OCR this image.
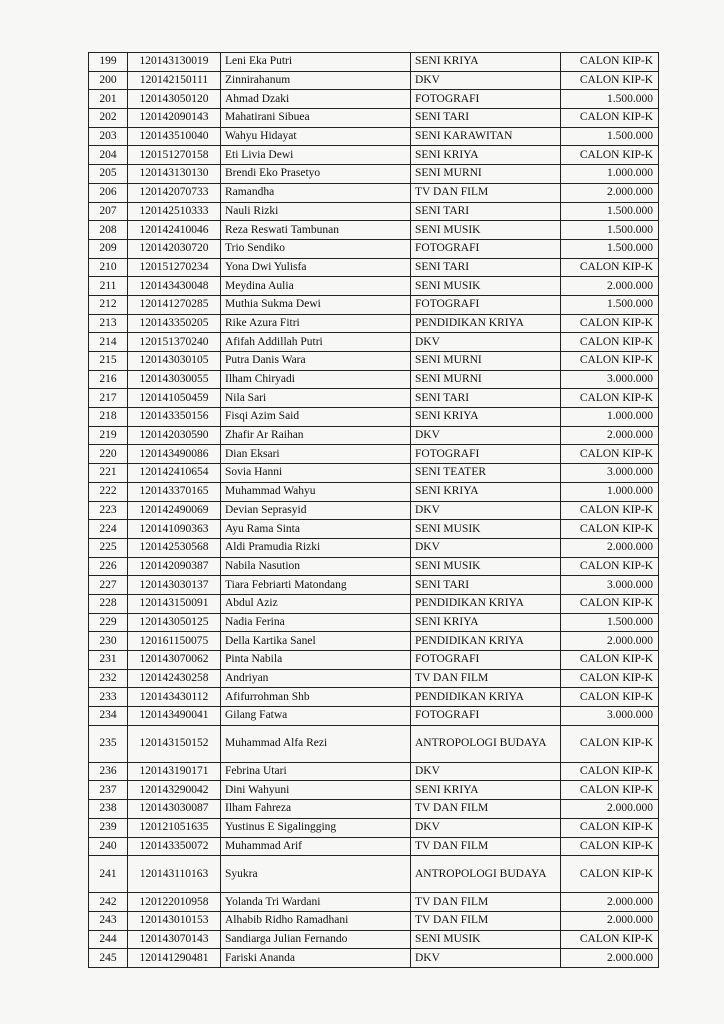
199	120143130019	Leni Eka Putri	SENI KRIYA	CALON KIP-K
200	120142150111	Zinnirahanum	DKV	CALON KIP-K
201	120143050120	Ahmad Dzaki	FOTOGRAFI	1.500.000
202	120142090143	Mahatirani Sibuea	SENI TARI	CALON KIP-K
203	120143510040	Wahyu Hidayat	SENI KARAWITAN	1.500.000
204	120151270158	Eti Livia Dewi	SENI KRIYA	CALON KIP-K
205	120143130130	Brendi Eko Prasetyo	SENI MURNI	1.000.000
206	120142070733	Ramandha	TV DAN FILM	2.000.000
207	120142510333	Nauli Rizki	SENI TARI	1.500.000
208	120142410046	Reza Reswati Tambunan	SENI MUSIK	1.500.000
209	120142030720	Trio Sendiko	FOTOGRAFI	1.500.000
210	120151270234	Yona Dwi Yulisfa	SENI TARI	CALON KIP-K
211	120143430048	Meydina Aulia	SENI MUSIK	2.000.000
212	120141270285	Muthia Sukma Dewi	FOTOGRAFI	1.500.000
213	120143350205	Rike Azura Fitri	PENDIDIKAN KRIYA	CALON KIP-K
214	120151370240	Afifah Addillah Putri	DKV	CALON KIP-K
215	120143030105	Putra Danis Wara	SENI MURNI	CALON KIP-K
216	120143030055	Ilham Chiryadi	SENI MURNI	3.000.000
217	120141050459	Nila Sari	SENI TARI	CALON KIP-K
218	120143350156	Fisqi Azim Said	SENI KRIYA	1.000.000
219	120142030590	Zhafir Ar Raihan	DKV	2.000.000
220	120143490086	Dian Eksari	FOTOGRAFI	CALON KIP-K
221	120142410654	Sovia Hanni	SENI TEATER	3.000.000
222	120143370165	Muhammad Wahyu	SENI KRIYA	1.000.000
223	120142490069	Devian Seprasyid	DKV	CALON KIP-K
224	120141090363	Ayu Rama Sinta	SENI MUSIK	CALON KIP-K
225	120142530568	Aldi Pramudia Rizki	DKV	2.000.000
226	120142090387	Nabila Nasution	SENI MUSIK	CALON KIP-K
227	120143030137	Tiara Febriarti Matondang	SENI TARI	3.000.000
228	120143150091	Abdul Aziz	PENDIDIKAN KRIYA	CALON KIP-K
229	120143050125	Nadia Ferina	SENI KRIYA	1.500.000
230	120161150075	Della Kartika Sanel	PENDIDIKAN KRIYA	2.000.000
231	120143070062	Pinta Nabila	FOTOGRAFI	CALON KIP-K
232	120142430258	Andriyan	TV DAN FILM	CALON KIP-K
233	120143430112	Afifurrohman Shb	PENDIDIKAN KRIYA	CALON KIP-K
234	120143490041	Gilang Fatwa	FOTOGRAFI	3.000.000
235	120143150152	Muhammad Alfa Rezi	ANTROPOLOGI BUDAYA	CALON KIP-K
236	120143190171	Febrina Utari	DKV	CALON KIP-K
237	120143290042	Dini Wahyuni	SENI KRIYA	CALON KIP-K
238	120143030087	Ilham Fahreza	TV DAN FILM	2.000.000
239	120121051635	Yustinus E Sigalingging	DKV	CALON KIP-K
240	120143350072	Muhammad Arif	TV DAN FILM	CALON KIP-K
241	120143110163	Syukra	ANTROPOLOGI BUDAYA	CALON KIP-K
242	120122010958	Yolanda Tri Wardani	TV DAN FILM	2.000.000
243	120143010153	Alhabib Ridho Ramadhani	TV DAN FILM	2.000.000
244	120143070143	Sandiarga Julian Fernando	SENI MUSIK	CALON KIP-K
245	120141290481	Fariski Ananda	DKV	2.000.000
